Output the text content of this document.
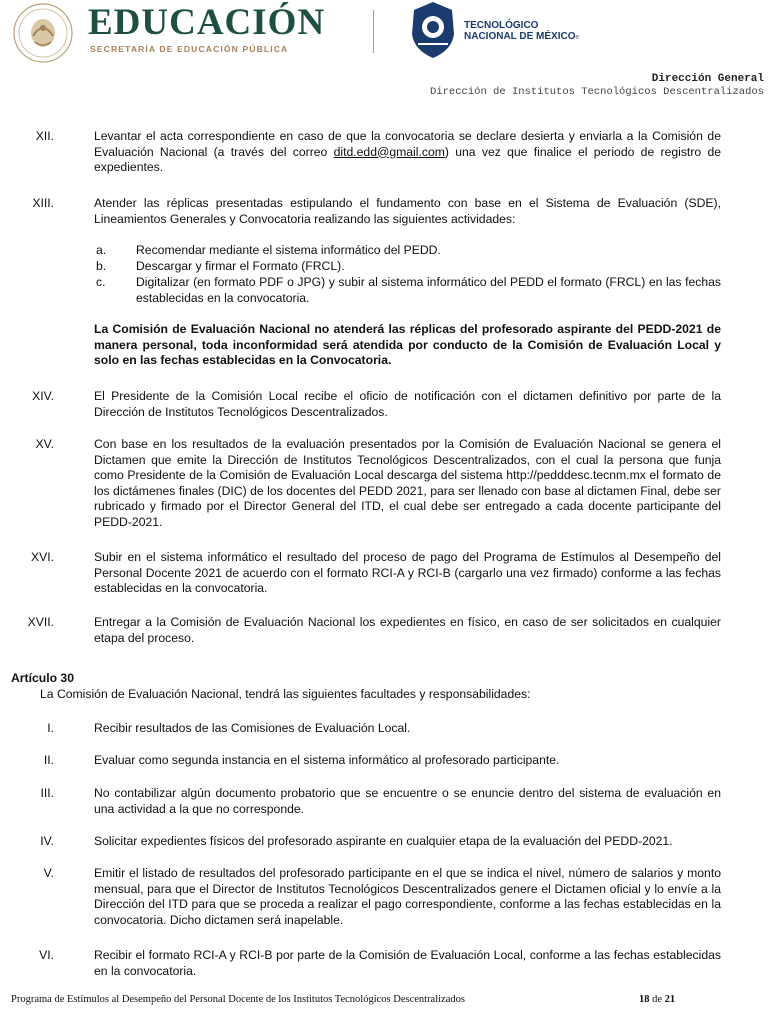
EDUCACIÓN
SECRETARÍA DE EDUCACIÓN PÚBLICA
TECNOLÓGICO
NACIONAL DE MÉXICO®
Dirección General
Dirección de Institutos Tecnológicos Descentralizados
XII.	Levantar el acta correspondiente en caso de que la convocatoria se declare desierta y enviarla a la Comisión de Evaluación Nacional (a través del correo ditd.edd@gmail.com) una vez que finalice el periodo de registro de expedientes.
XIII.	Atender las réplicas presentadas estipulando el fundamento con base en el Sistema de Evaluación (SDE), Lineamientos Generales y Convocatoria realizando las siguientes actividades:
a.	Recomendar mediante el sistema informático del PEDD.
b.	Descargar y firmar el Formato (FRCL).
c.	Digitalizar (en formato PDF o JPG) y subir al sistema informático del PEDD el formato (FRCL) en las fechas establecidas en la convocatoria.
La Comisión de Evaluación Nacional no atenderá las réplicas del profesorado aspirante del PEDD-2021 de manera personal, toda inconformidad será atendida por conducto de la Comisión de Evaluación Local y solo en las fechas establecidas en la Convocatoria.
XIV.	El Presidente de la Comisión Local recibe el oficio de notificación con el dictamen definitivo por parte de la Dirección de Institutos Tecnológicos Descentralizados.
XV.	Con base en los resultados de la evaluación presentados por la Comisión de Evaluación Nacional se genera el Dictamen que emite la Dirección de Institutos Tecnológicos Descentralizados, con el cual la persona que funja como Presidente de la Comisión de Evaluación Local descarga del sistema http://pedddesc.tecnm.mx el formato de los dictámenes finales (DIC) de los docentes del PEDD 2021, para ser llenado con base al dictamen Final, debe ser rubricado y firmado por el Director General del ITD, el cual debe ser entregado a cada docente participante del PEDD-2021.
XVI.	Subir en el sistema informático el resultado del proceso de pago del Programa de Estímulos al Desempeño del Personal Docente 2021 de acuerdo con el formato RCI-A y RCI-B (cargarlo una vez firmado) conforme a las fechas establecidas en la convocatoria.
XVII.	Entregar a la Comisión de Evaluación Nacional los expedientes en físico, en caso de ser solicitados en cualquier etapa del proceso.
Artículo 30
La Comisión de Evaluación Nacional, tendrá las siguientes facultades y responsabilidades:
I.	Recibir resultados de las Comisiones de Evaluación Local.
II.	Evaluar como segunda instancia en el sistema informático al profesorado participante.
III.	No contabilizar algún documento probatorio que se encuentre o se enuncie dentro del sistema de evaluación en una actividad a la que no corresponde.
IV.	Solicitar expedientes físicos del profesorado aspirante en cualquier etapa de la evaluación del PEDD-2021.
V.	Emitir el listado de resultados del profesorado participante en el que se indica el nivel, número de salarios y monto mensual, para que el Director de Institutos Tecnológicos Descentralizados genere el Dictamen oficial y lo envíe a la Dirección del ITD para que se proceda a realizar el pago correspondiente, conforme a las fechas establecidas en la convocatoria. Dicho dictamen será inapelable.
VI.	Recibir el formato RCI-A y RCI-B por parte de la Comisión de Evaluación Local, conforme a las fechas establecidas en la convocatoria.
Programa de Estímulos al Desempeño del Personal Docente de los Institutos Tecnológicos Descentralizados	18 de 21
